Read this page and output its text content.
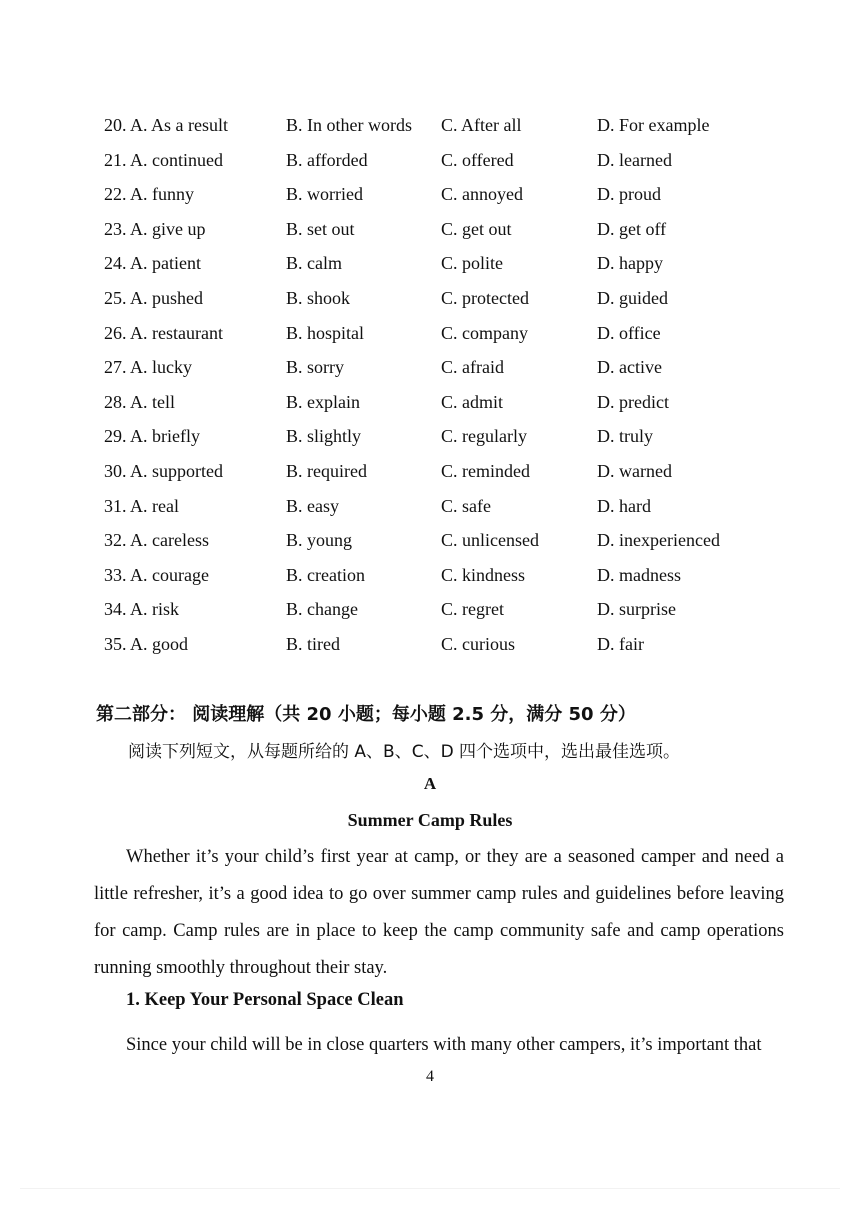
20. A. As a result	B. In other words C. After all	D. For example
21. A. continued	B. afforded	C. offered	D. learned
22. A. funny	B. worried	C. annoyed	D. proud
23. A. give up	B. set out	C. get out	D. get off
24. A. patient	B. calm	C. polite	D. happy
25. A. pushed	B. shook	C. protected	D. guided
26. A. restaurant	B. hospital	C. company	D. office
27. A. lucky	B. sorry	C. afraid	D. active
28. A. tell	B. explain	C. admit	D. predict
29. A. briefly	B. slightly	C. regularly	D. truly
30. A. supported	B. required	C. reminded	D. warned
31. A. real	B. easy	C. safe	D. hard
32. A. careless	B. young	C. unlicensed	D. inexperienced
33. A. courage	B. creation	C. kindness	D. madness
34. A. risk	B. change	C. regret	D. surprise
35. A. good	B. tired	C. curious	D. fair
第二部分： 阅读理解（共 20 小题；每小题 2.5 分，满分 50 分）
阅读下列短文，从每题所给的 A、B、C、D 四个选项中，选出最佳选项。
A
Summer Camp Rules
Whether it’s your child’s first year at camp, or they are a seasoned camper and need a little refresher, it’s a good idea to go over summer camp rules and guidelines before leaving for camp. Camp rules are in place to keep the camp community safe and camp operations running smoothly throughout their stay.
1. Keep Your Personal Space Clean
Since your child will be in close quarters with many other campers, it’s important that
4
